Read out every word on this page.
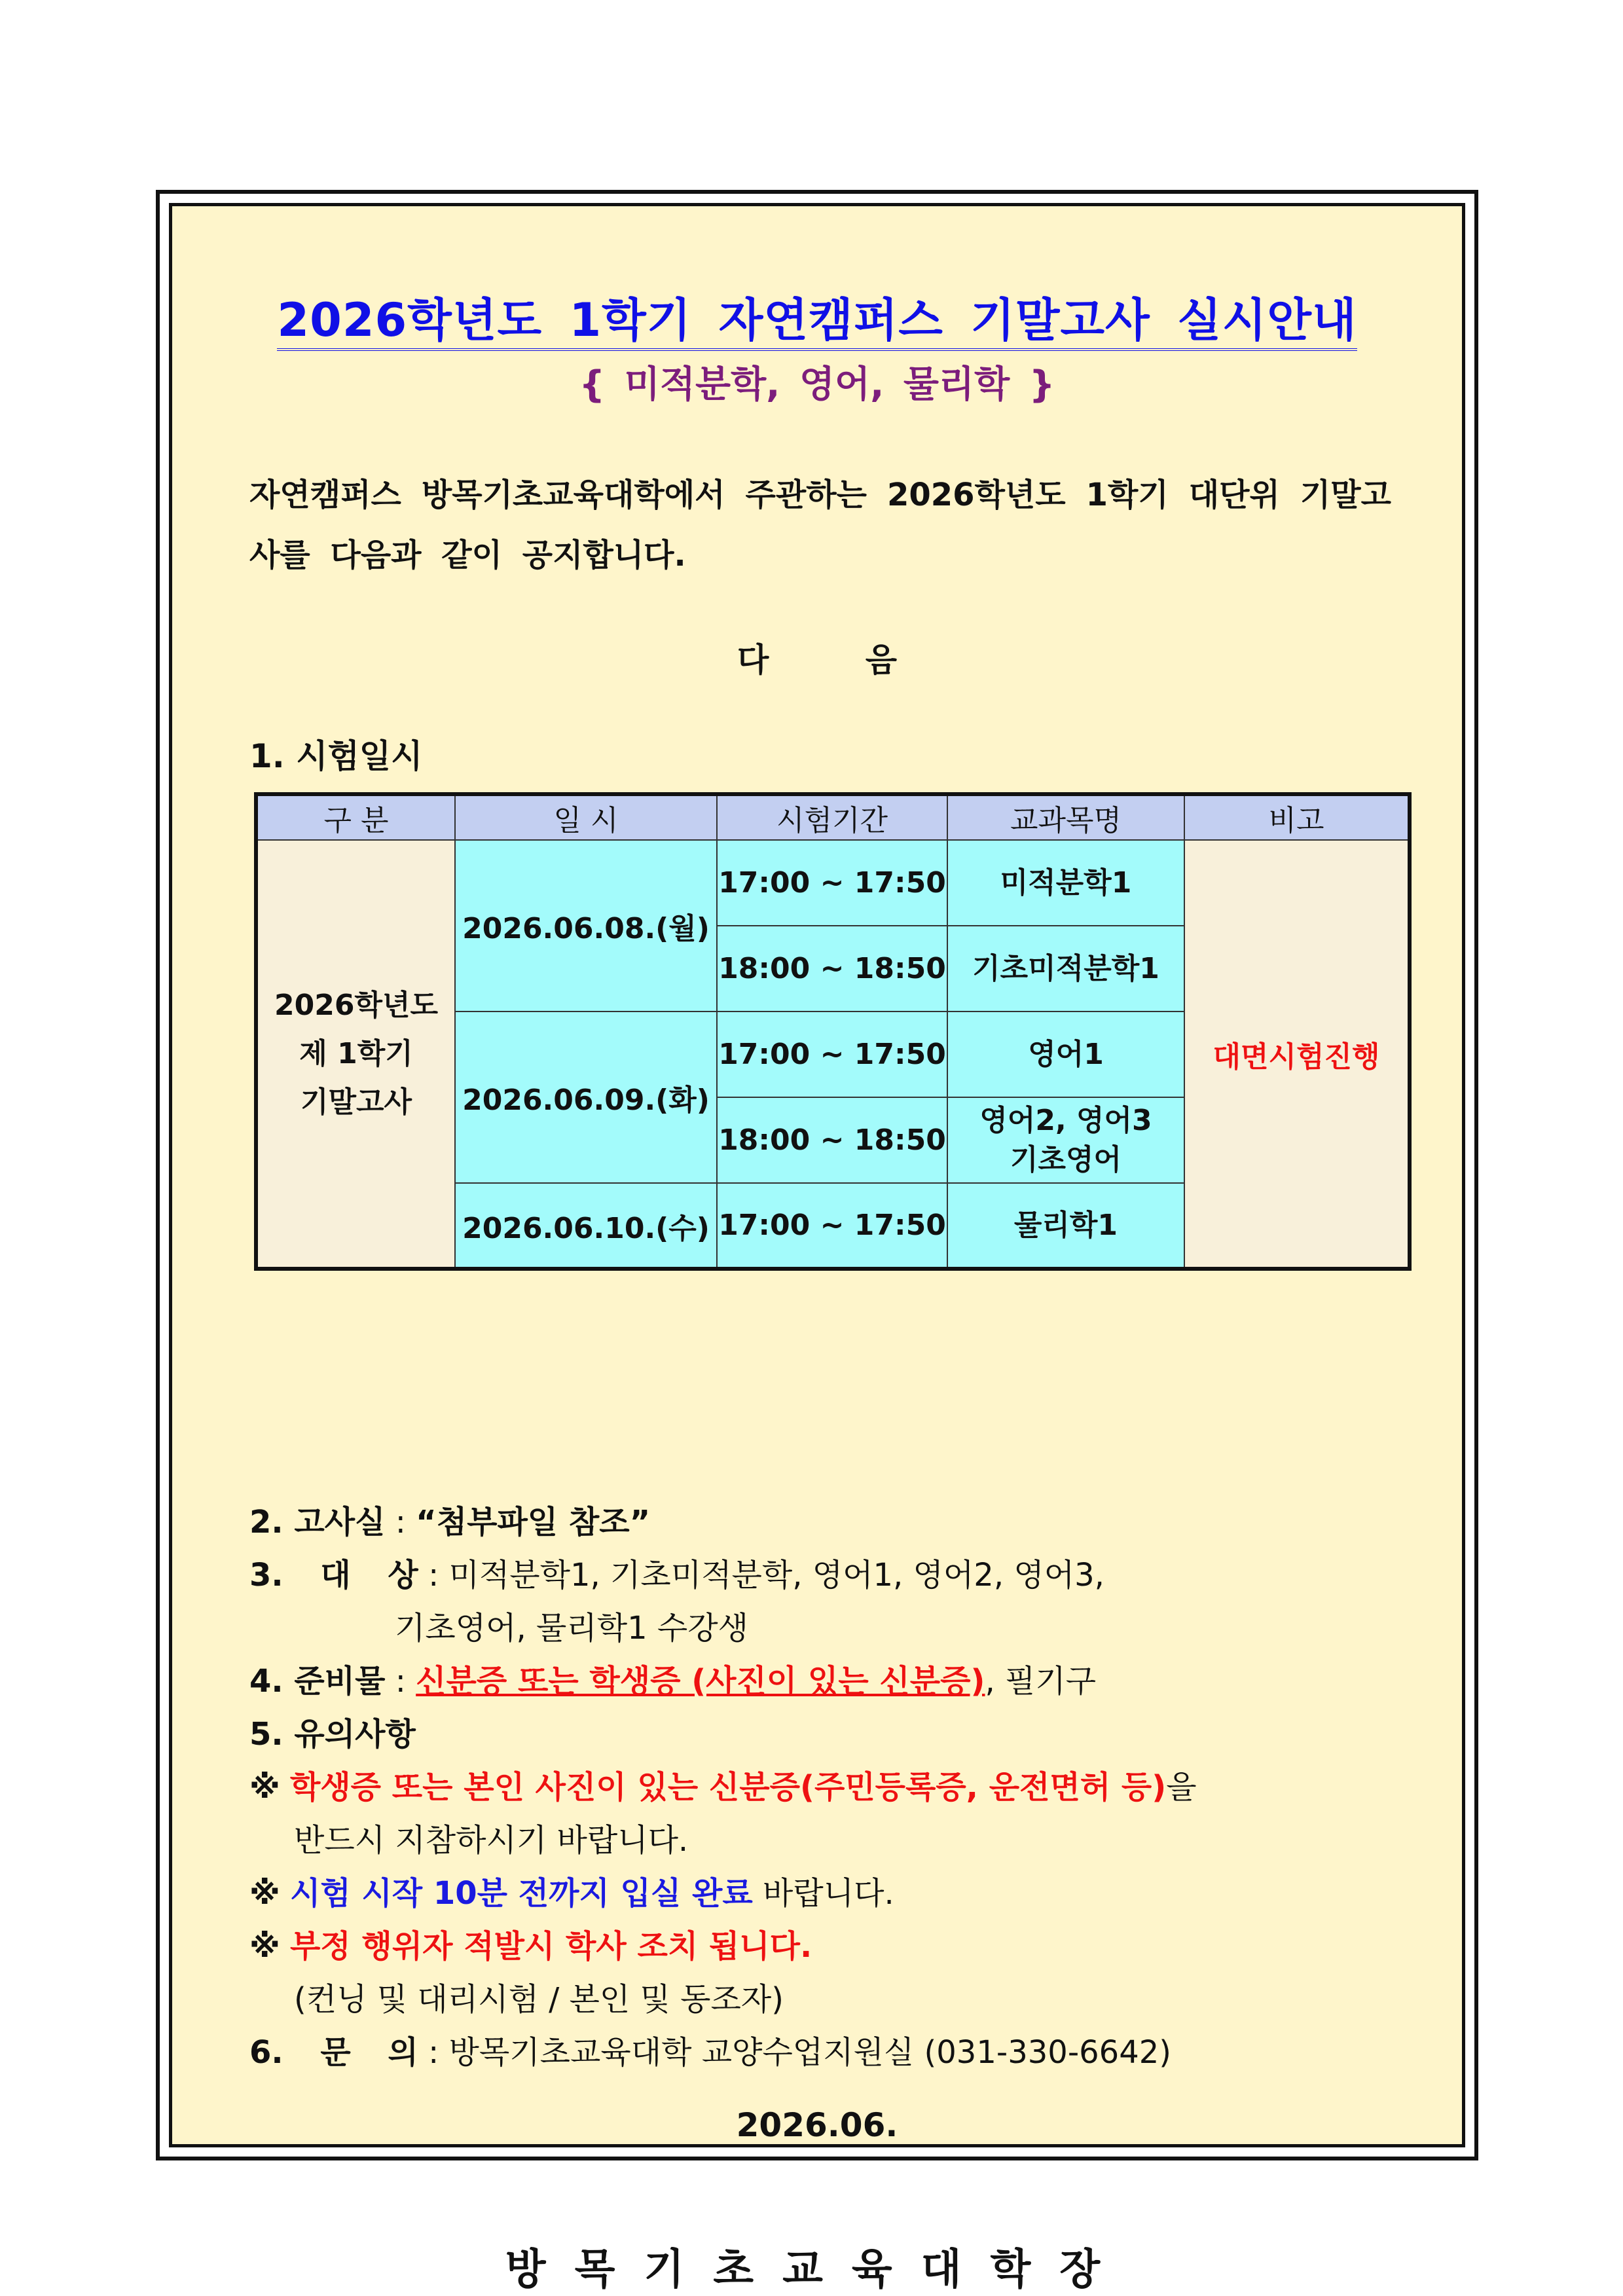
2026학년도 1학기 자연캠퍼스 기말고사 실시안내
{ 미적분학, 영어, 물리학 }
자연캠퍼스 방목기초교육대학에서 주관하는 2026학년도 1학기 대단위 기말고사를 다음과 같이 공지합니다.
다 음
1. 시험일시
구 분	일 시	시험기간	교과목명	비고

2026학년도
제 1학기
기말고사	2026.06.08.(월)	17:00 ~ 17:50	미적분학1	대면시험진행
		18:00 ~ 18:50	기초미적분학1	
	2026.06.09.(화)	17:00 ~ 17:50	영어1	
		18:00 ~ 18:50	영어2, 영어3
기초영어	

	2026.06.10.(수)	17:00 ~ 17:50	물리학1	
2. 고사실 : “첨부파일 참조”
3. 대 상 : 미적분학1, 기초미적분학, 영어1, 영어2, 영어3,
기초영어, 물리학1 수강생
4. 준비물 : 신분증 또는 학생증 (사진이 있는 신분증), 필기구
5. 유의사항
※ 학생증 또는 본인 사진이 있는 신분증(주민등록증, 운전면허 등)을
반드시 지참하시기 바랍니다.
※ 시험 시작 10분 전까지 입실 완료 바랍니다.
※ 부정 행위자 적발시 학사 조치 됩니다.
(컨닝 및 대리시험 / 본인 및 동조자)
6. 문 의 : 방목기초교육대학 교양수업지원실 (031-330-6642)
2026.06.
방목기초교육대학장
